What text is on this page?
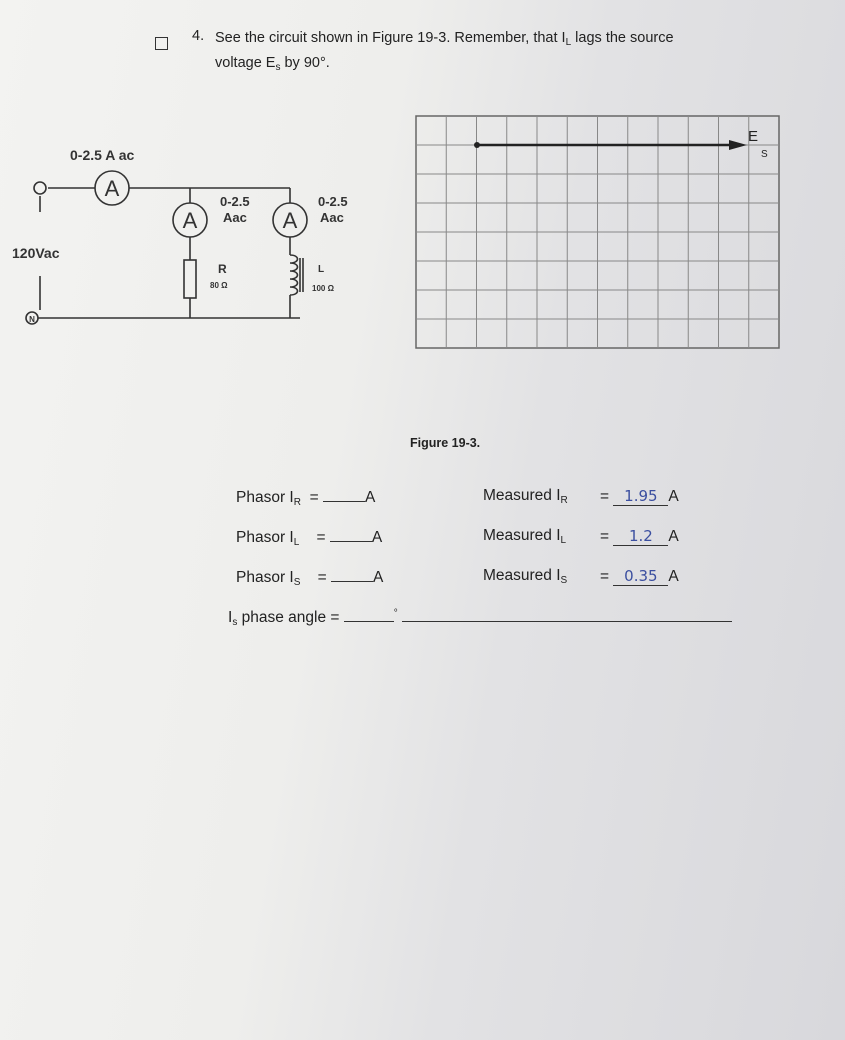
4. See the circuit shown in Figure 19-3. Remember, that $I_L$ lags the source
voltage $E_s$ by 90°.
0-2.5 A ac
A
A	A
0-2.5
Aac
0-2.5
Aac
120Vac
R
80 Ω
L
100 Ω
N
E
S
Figure 19-3.
Phasor $I_R$ =	A
Phasor $I_L$ =	A
Phasor $I_S$ =	A
Measured $I_R = 1.95$ A
Measured $I_L = 1.2$ A
Measured $I_S = 0.35$ A
$I_s$ phase angle =	°
